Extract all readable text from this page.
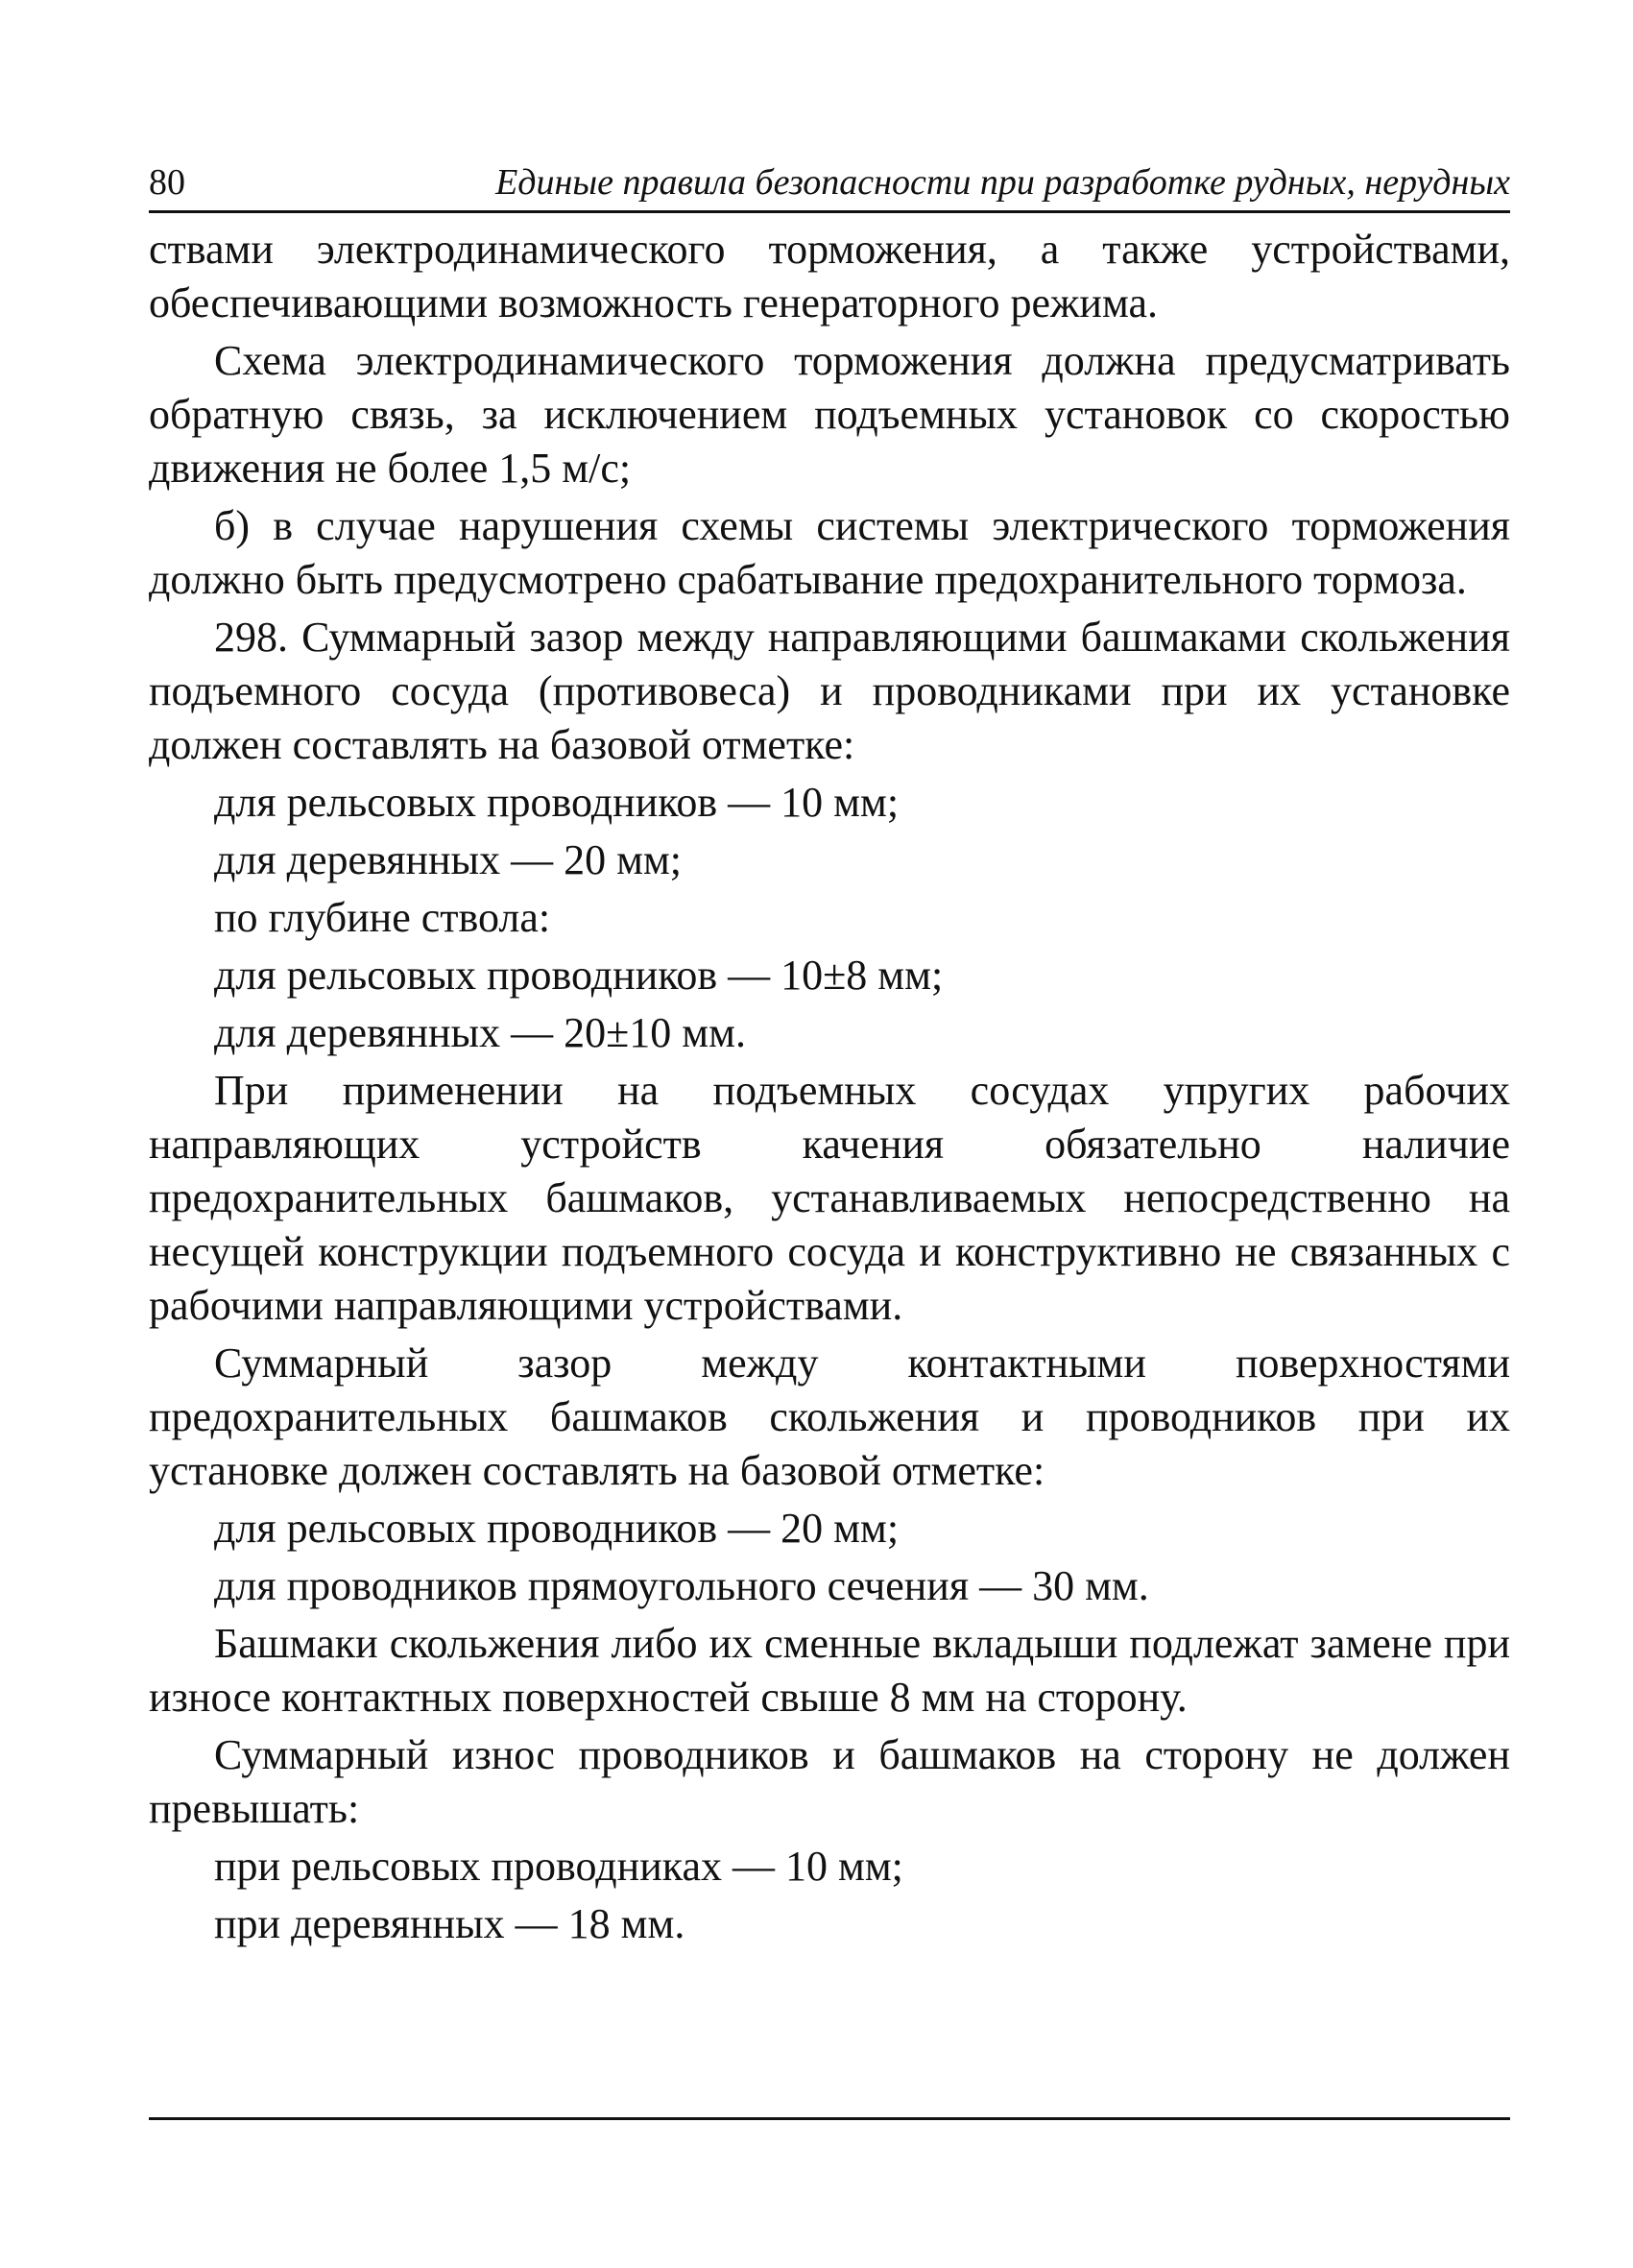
80	Единые правила безопасности при разработке рудных, нерудных

ствами электродинамического торможения, а также устройствами, обеспечивающими возможность генераторного режима.

Схема электродинамического торможения должна предусматривать обратную связь, за исключением подъемных установок со скоростью движения не более 1,5 м/с;

б) в случае нарушения схемы системы электрического торможения должно быть предусмотрено срабатывание предохранительного тормоза.

298. Суммарный зазор между направляющими башмаками скольжения подъемного сосуда (противовеса) и проводниками при их установке должен составлять на базовой отметке:

для рельсовых проводников — 10 мм;
для деревянных — 20 мм;
по глубине ствола:
для рельсовых проводников — 10±8 мм;
для деревянных — 20±10 мм.

При применении на подъемных сосудах упругих рабочих направляющих устройств качения обязательно наличие предохранительных башмаков, устанавливаемых непосредственно на несущей конструкции подъемного сосуда и конструктивно не связанных с рабочими направляющими устройствами.

Суммарный зазор между контактными поверхностями предохранительных башмаков скольжения и проводников при их установке должен составлять на базовой отметке:

для рельсовых проводников — 20 мм;
для проводников прямоугольного сечения — 30 мм.

Башмаки скольжения либо их сменные вкладыши подлежат замене при износе контактных поверхностей свыше 8 мм на сторону.

Суммарный износ проводников и башмаков на сторону не должен превышать:

при рельсовых проводниках — 10 мм;
при деревянных — 18 мм.
